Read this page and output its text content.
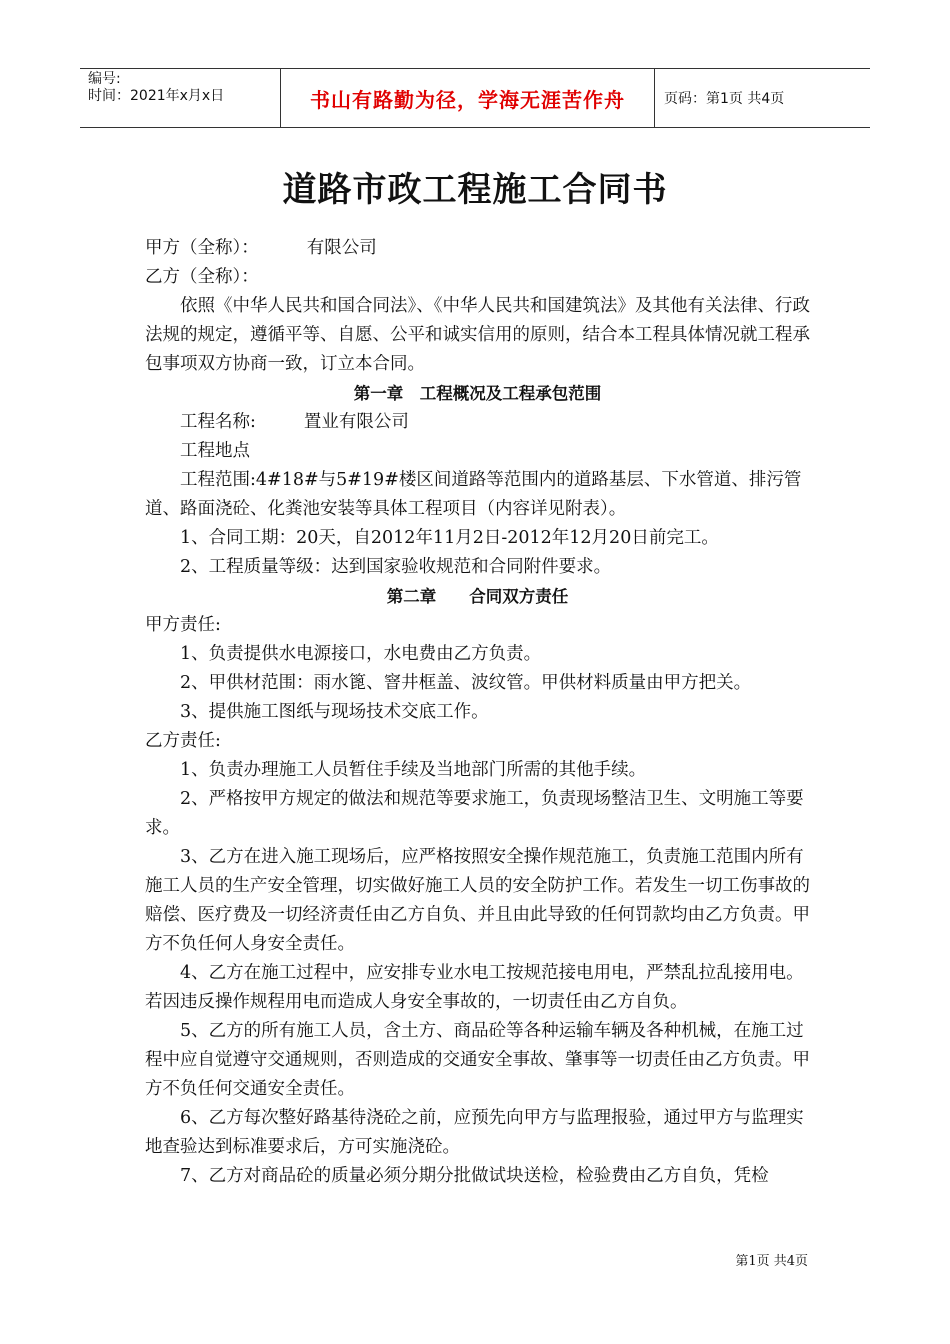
编号:
时间：2021年x月x日	书山有路勤为径，学海无涯苦作舟	页码：第1页 共4页
道路市政工程施工合同书

甲方（全称）：	有限公司

乙方（全称）：

依照《中华人民共和国合同法》、《中华人民共和国建筑法》及其他有关法律、行政法规的规定，遵循平等、自愿、公平和诚实信用的原则，结合本工程具体情况就工程承包事项双方协商一致，订立本合同。

第一章　工程概况及工程承包范围

工程名称:	置业有限公司

工程地点

工程范围:4#18#与5#19#楼区间道路等范围内的道路基层、下水管道、排污管道、路面浇砼、化粪池安装等具体工程项目（内容详见附表）。

1、合同工期：20天，自2012年11月2日-2012年12月20日前完工。

2、工程质量等级：达到国家验收规范和合同附件要求。

第二章　　合同双方责任

甲方责任:

1、负责提供水电源接口，水电费由乙方负责。

2、甲供材范围：雨水篦、窨井框盖、波纹管。甲供材料质量由甲方把关。

3、提供施工图纸与现场技术交底工作。

乙方责任:

1、负责办理施工人员暂住手续及当地部门所需的其他手续。

2、严格按甲方规定的做法和规范等要求施工，负责现场整洁卫生、文明施工等要求。

3、乙方在进入施工现场后，应严格按照安全操作规范施工，负责施工范围内所有施工人员的生产安全管理，切实做好施工人员的安全防护工作。若发生一切工伤事故的赔偿、医疗费及一切经济责任由乙方自负、并且由此导致的任何罚款均由乙方负责。甲方不负任何人身安全责任。

4、乙方在施工过程中，应安排专业水电工按规范接电用电，严禁乱拉乱接用电。若因违反操作规程用电而造成人身安全事故的，一切责任由乙方自负。

5、乙方的所有施工人员，含土方、商品砼等各种运输车辆及各种机械，在施工过程中应自觉遵守交通规则，否则造成的交通安全事故、肇事等一切责任由乙方负责。甲方不负任何交通安全责任。

6、乙方每次整好路基待浇砼之前，应预先向甲方与监理报验，通过甲方与监理实地查验达到标准要求后，方可实施浇砼。

7、乙方对商品砼的质量必须分期分批做试块送检，检验费由乙方自负，凭检

第1页 共4页
